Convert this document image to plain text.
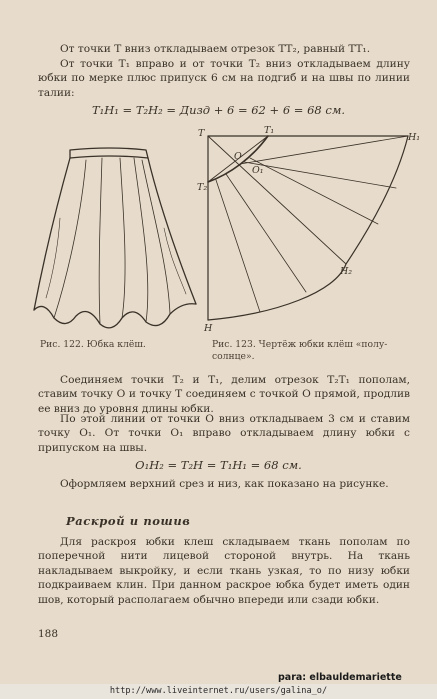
От точки Т вниз откладываем отрезок ТТ₂, равный ТТ₁.

От точки Т₁ вправо и от точки Т₂ вниз откладываем длину юбки по мерке плюс припуск 6 см на подгиб и на швы по линии талии:

Т₁Н₁ = Т₂Н₂ = Дизд + 6 = 62 + 6 = 68 см.

Т	Т₁
Н₁
О
О₁
Т₂
Н₂
Н

Рис. 122. Юбка клёш.	Рис. 123. Чертёж юбки клёш «полу-

солнце».

Соединяем точки Т₂ и Т₁, делим отрезок Т₂Т₁ пополам, ставим точку О и точку Т соединяем с точкой О прямой, продлив ее вниз до уровня длины юбки.

По этой линии от точки О вниз откладываем 3 см и ставим точку О₁. От точки О₁ вправо откладываем длину юбки с припуском на швы.

О₁Н₂ = Т₂Н = Т₁Н₁ = 68 см.

Оформляем верхний срез и низ, как показано на рисунке.

Раскрой и пошив

Для раскроя юбки клеш складываем ткань пополам по поперечной нити лицевой стороной внутрь. На ткань накладываем выкройку, и если ткань узкая, то по низу юбки подкраиваем клин. При данном раскрое юбка будет иметь один шов, который располагаем обычно впереди или сзади юбки.

188

para: elbauldemariette

http://www.liveinternet.ru/users/galina_o/
